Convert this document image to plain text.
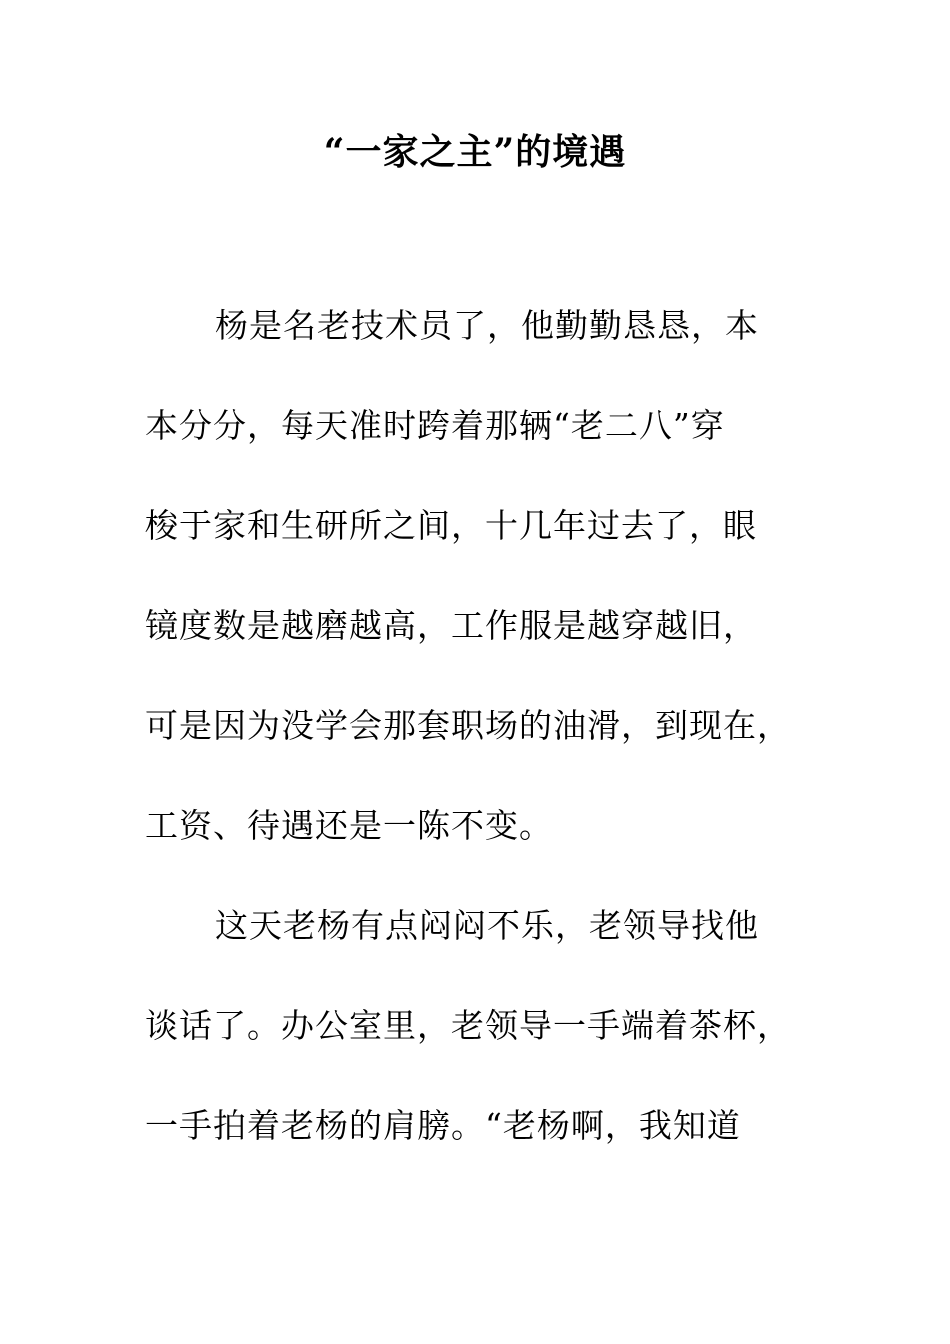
“一家之主”的境遇

杨是名老技术员了，他勤勤恳恳，本

本分分，每天准时跨着那辆“老二八”穿

梭于家和生研所之间，十几年过去了，眼

镜度数是越磨越高，工作服是越穿越旧，

可是因为没学会那套职场的油滑，到现在，

工资、待遇还是一陈不变。

这天老杨有点闷闷不乐，老领导找他

谈话了。办公室里，老领导一手端着茶杯，

一手拍着老杨的肩膀。“老杨啊，我知道
